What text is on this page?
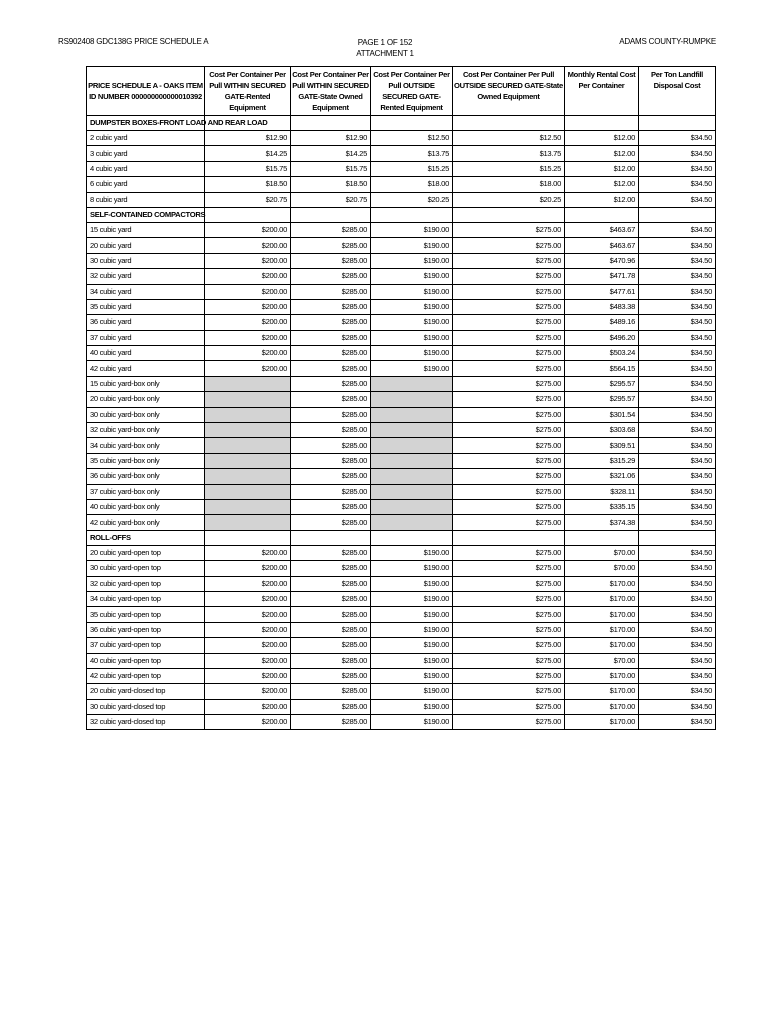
RS902408 GDC138G PRICE SCHEDULE A	PAGE 1 OF 152
ATTACHMENT 1
ADAMS COUNTY-RUMPKE
PRICE SCHEDULE A - OAKS ITEM ID NUMBER 000000000000010392	Cost Per Container Per Pull WITHIN SECURED GATE-Rented Equipment	Cost Per Container Per Pull WITHIN SECURED GATE-State Owned Equipment	Cost Per Container Per Pull OUTSIDE SECURED GATE-Rented Equipment	Cost Per Container Per Pull OUTSIDE SECURED GATE-State Owned Equipment	Monthly Rental Cost Per Container	Per Ton Landfill Disposal Cost
DUMPSTER BOXES-FRONT LOAD AND REAR LOAD						
2 cubic yard	$12.90	$12.90	$12.50	$12.50	$12.00	$34.50
3 cubic yard	$14.25	$14.25	$13.75	$13.75	$12.00	$34.50
4 cubic yard	$15.75	$15.75	$15.25	$15.25	$12.00	$34.50
6 cubic yard	$18.50	$18.50	$18.00	$18.00	$12.00	$34.50
8 cubic yard	$20.75	$20.75	$20.25	$20.25	$12.00	$34.50
SELF-CONTAINED COMPACTORS						
15 cubic yard	$200.00	$285.00	$190.00	$275.00	$463.67	$34.50
20 cubic yard	$200.00	$285.00	$190.00	$275.00	$463.67	$34.50
30 cubic yard	$200.00	$285.00	$190.00	$275.00	$470.96	$34.50
32 cubic yard	$200.00	$285.00	$190.00	$275.00	$471.78	$34.50
34 cubic yard	$200.00	$285.00	$190.00	$275.00	$477.61	$34.50
35 cubic yard	$200.00	$285.00	$190.00	$275.00	$483.38	$34.50
36 cubic yard	$200.00	$285.00	$190.00	$275.00	$489.16	$34.50
37 cubic yard	$200.00	$285.00	$190.00	$275.00	$496.20	$34.50
40 cubic yard	$200.00	$285.00	$190.00	$275.00	$503.24	$34.50
42 cubic yard	$200.00	$285.00	$190.00	$275.00	$564.15	$34.50
15 cubic yard-box only		$285.00		$275.00	$295.57	$34.50
20 cubic yard-box only		$285.00		$275.00	$295.57	$34.50
30 cubic yard-box only		$285.00		$275.00	$301.54	$34.50
32 cubic yard-box only		$285.00		$275.00	$303.68	$34.50
34 cubic yard-box only		$285.00		$275.00	$309.51	$34.50
35 cubic yard-box only		$285.00		$275.00	$315.29	$34.50
36 cubic yard-box only		$285.00		$275.00	$321.06	$34.50
37 cubic yard-box only		$285.00		$275.00	$328.11	$34.50
40 cubic yard-box only		$285.00		$275.00	$335.15	$34.50
42 cubic yard-box only		$285.00		$275.00	$374.38	$34.50
ROLL-OFFS						
20 cubic yard-open top	$200.00	$285.00	$190.00	$275.00	$70.00	$34.50
30 cubic yard-open top	$200.00	$285.00	$190.00	$275.00	$70.00	$34.50
32 cubic yard-open top	$200.00	$285.00	$190.00	$275.00	$170.00	$34.50
34 cubic yard-open top	$200.00	$285.00	$190.00	$275.00	$170.00	$34.50
35 cubic yard-open top	$200.00	$285.00	$190.00	$275.00	$170.00	$34.50
36 cubic yard-open top	$200.00	$285.00	$190.00	$275.00	$170.00	$34.50
37 cubic yard-open top	$200.00	$285.00	$190.00	$275.00	$170.00	$34.50
40 cubic yard-open top	$200.00	$285.00	$190.00	$275.00	$70.00	$34.50
42 cubic yard-open top	$200.00	$285.00	$190.00	$275.00	$170.00	$34.50
20 cubic yard-closed top	$200.00	$285.00	$190.00	$275.00	$170.00	$34.50
30 cubic yard-closed top	$200.00	$285.00	$190.00	$275.00	$170.00	$34.50
32 cubic yard-closed top	$200.00	$285.00	$190.00	$275.00	$170.00	$34.50
